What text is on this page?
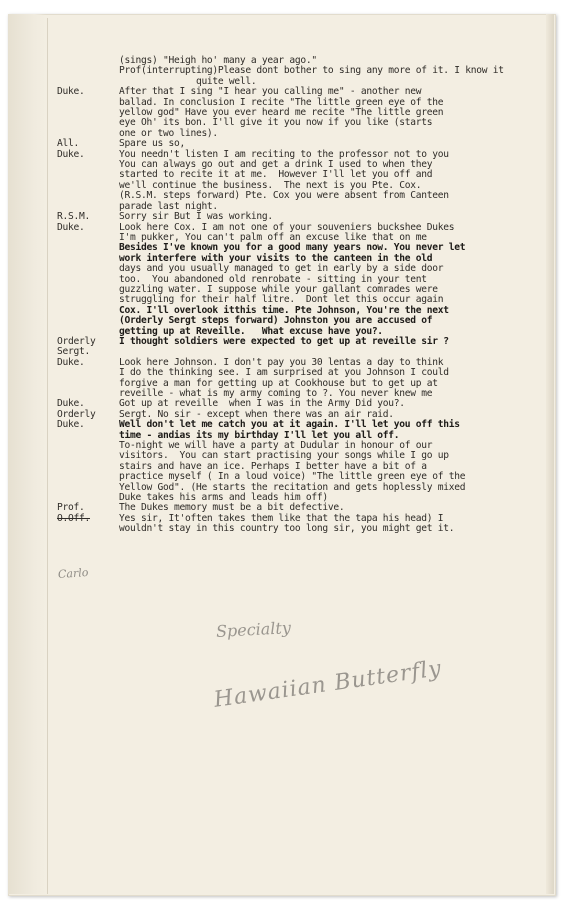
(sings) "Heigh ho' many a year ago."
Prof(interrupting)Please dont bother to sing any more of it. I know it
quite well.
Duke.	After that I sing "I hear you calling me" - another new
ballad. In conclusion I recite "The little green eye of the
yellow god" Have you ever heard me recite "The little green
eye Oh' its bon. I'll give it you now if you like (starts
one or two lines).
All.	Spare us so,
Duke.	You needn't listen I am reciting to the professor not to you
You can always go out and get a drink I used to when they
started to recite it at me.  However I'll let you off and
we'll continue the business.  The next is you Pte. Cox.
(R.S.M. steps forward) Pte. Cox you were absent from Canteen
parade last night.
R.S.M.	Sorry sir But I was working.
Duke.	Look here Cox. I am not one of your souveniers buckshee Dukes
I'm pukker, You can't palm off an excuse like that on me
Besides I've known you for a good many years now. You never let
work interfere with your visits to the canteen in the old
days and you usually managed to get in early by a side door
too.  You abandoned old renrobate - sitting in your tent
guzzling water. I suppose while your gallant comrades were
struggling for their half litre.  Dont let this occur again
Cox. I'll overlook itthis time. Pte Johnson, You're the next
(Orderly Sergt steps forward) Johnston you are accused of
getting up at Reveille.   What excuse have you?.
Orderly	I thought soldiers were expected to get up at reveille sir ?
Sergt.
Duke.	Look here Johnson. I don't pay you 30 lentas a day to think
I do the thinking see. I am surprised at you Johnson I could
forgive a man for getting up at Cookhouse but to get up at
reveille - what is my army coming to ?. You never knew me
Duke.	Got up at reveille  when I was in the Army Did you?.
Orderly	Sergt. No sir - except when there was an air raid.
Duke.	Well don't let me catch you at it again. I'll let you off this
time - andias its my birthday I'll let you all off.
To-night we will have a party at Dudular in honour of our
visitors.  You can start practising your songs while I go up
stairs and have an ice. Perhaps I better have a bit of a
practice myself ( In a loud voice) "The little green eye of the
Yellow God". (He starts the recitation and gets hoplessly mixed
Duke takes his arms and leads him off)
Prof.	The Dukes memory must be a bit defective.
O.Off.	Yes sir, It'often takes them like that the tapa his head) I
wouldn't stay in this country too long sir, you might get it.
Carlo
Specialty
Hawaiian Butterfly
